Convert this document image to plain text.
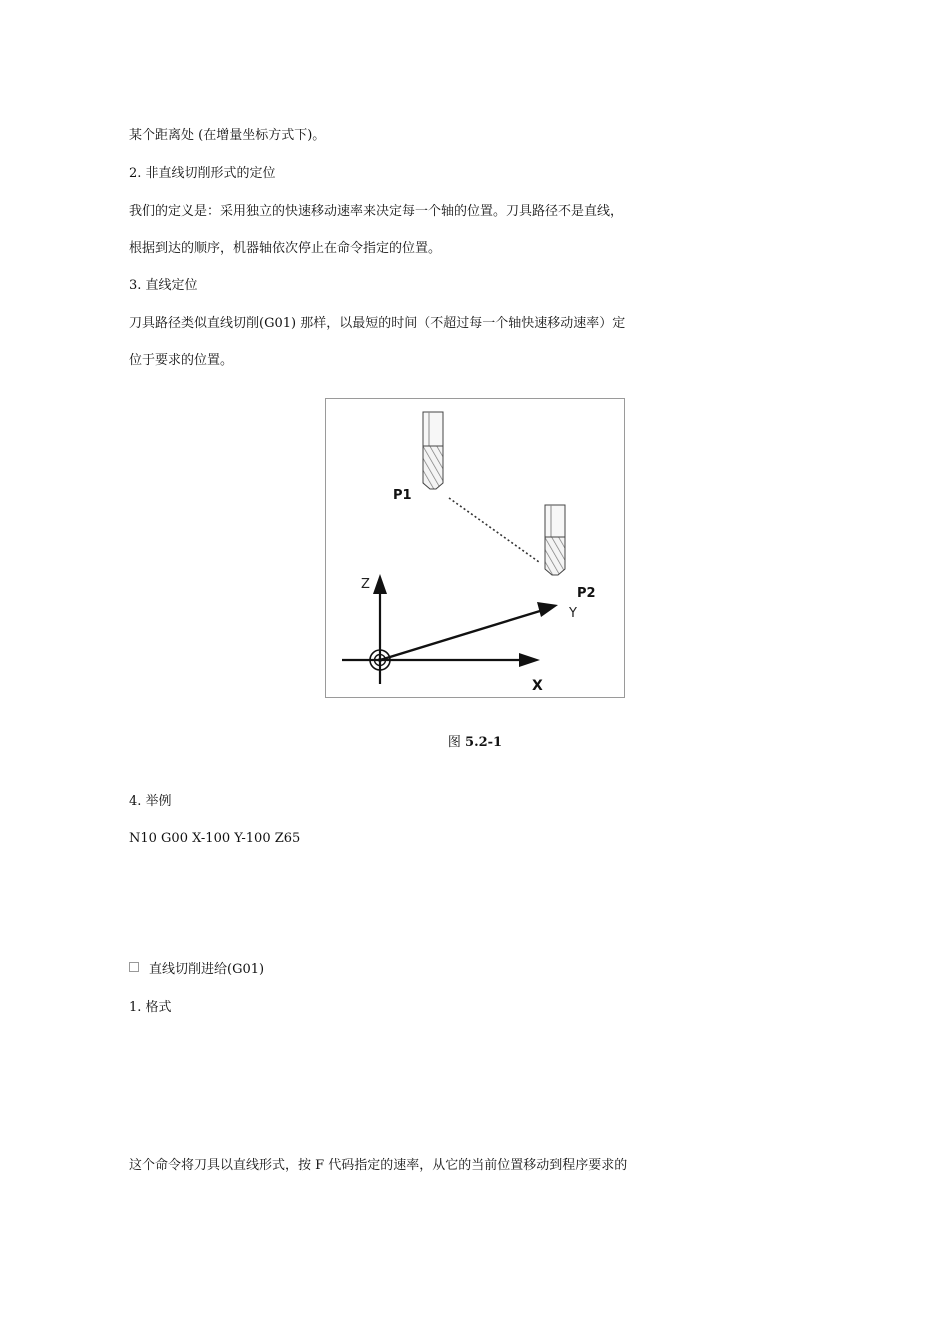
某个距离处 (在增量坐标方式下)。
2. 非直线切削形式的定位
我们的定义是：采用独立的快速移动速率来决定每一个轴的位置。刀具路径不是直线，
根据到达的顺序，机器轴依次停止在命令指定的位置。
3. 直线定位
刀具路径类似直线切削(G01) 那样，以最短的时间（不超过每一个轴快速移动速率）定
位于要求的位置。
P1
P2
Z
X
Y
图 5.2-1
4. 举例
N10 G00 X-100 Y-100 Z65
直线切削进给(G01)
1. 格式
这个命令将刀具以直线形式，按 F 代码指定的速率，从它的当前位置移动到程序要求的
